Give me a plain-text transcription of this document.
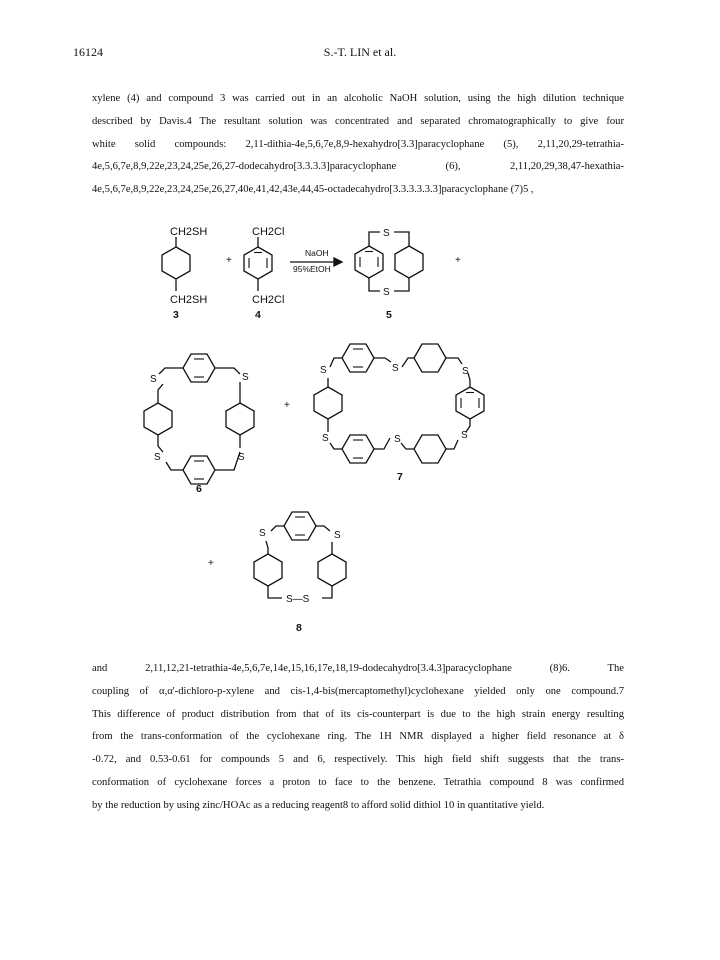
16124	S.-T. LIN et al.
xylene (4) and compound 3 was carried out in an alcoholic NaOH solution, using the high dilution technique
described by Davis.4 The resultant solution was concentrated and separated chromatographically to give four
white solid compounds: 2,11-dithia-4e,5,6,7e,8,9-hexahydro[3.3]paracyclophane (5), 2,11,20,29-tetrathia-
4e,5,6,7e,8,9,22e,23,24,25e,26,27-dodecahydro[3.3.3.3]paracyclophane (6), 2,11,20,29,38,47-hexathia-
4e,5,6,7e,8,9,22e,23,24,25e,26,27,40e,41,42,43e,44,45-octadecahydro[3.3.3.3.3.3]paracyclophane (7)5 ,
CH2SH
CH2SH
CH2Cl
CH2Cl
+
NaOH
95%EtOH
+
S
S
S	S
S	S
+
S	S	S
S
S
S
+
S	S
S—S
3	4	5
6
7
8
and 2,11,12,21-tetrathia-4e,5,6,7e,14e,15,16,17e,18,19-dodecahydro[3.4.3]paracyclophane (8)6. The
coupling of α,α'-dichloro-p-xylene and cis-1,4-bis(mercaptomethyl)cyclohexane yielded only one compound.7
This difference of product distribution from that of its cis-counterpart is due to the high strain energy resulting
from the trans-conformation of the cyclohexane ring. The 1H NMR displayed a higher field resonance at δ
-0.72, and 0.53-0.61 for compounds 5 and 6, respectively. This high field shift suggests that the trans-
conformation of cyclohexane forces a proton to face to the benzene. Tetrathia compound 8 was confirmed
by the reduction by using zinc/HOAc as a reducing reagent8 to afford solid dithiol 10 in quantitative yield.
